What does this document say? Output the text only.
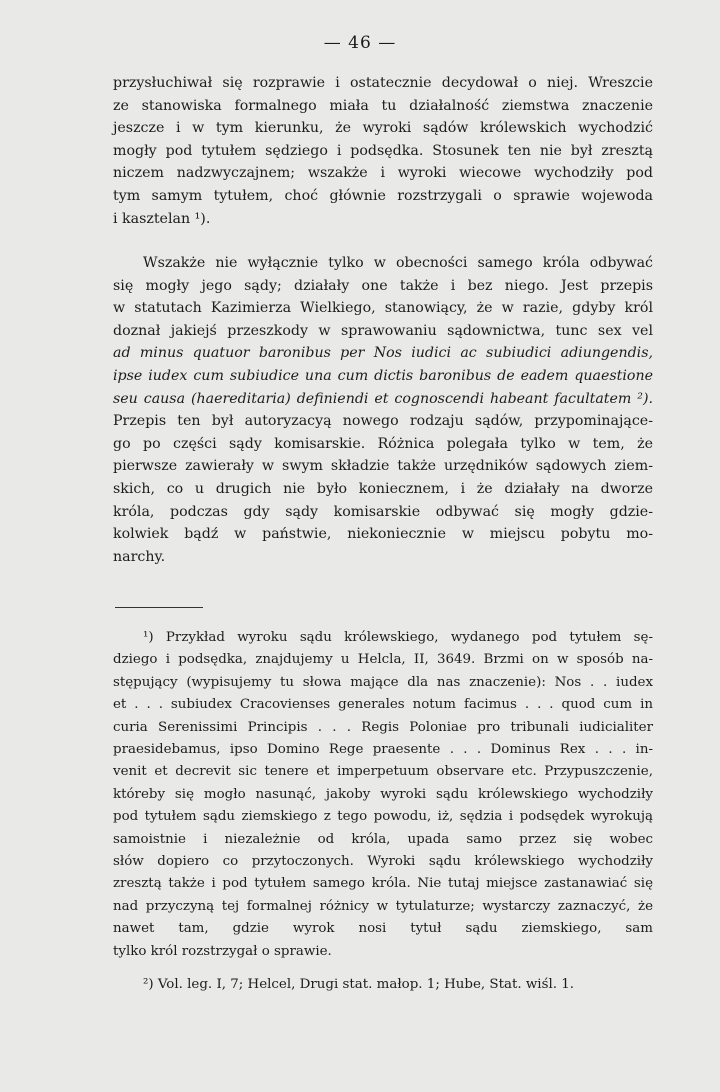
— 46 —
przysłuchiwał się rozprawie i ostatecznie decydował o niej. Wreszcie
ze stanowiska formalnego miała tu działalność ziemstwa znaczenie
jeszcze i w tym kierunku, że wyroki sądów królewskich wychodzić
mogły pod tytułem sędziego i podsędka. Stosunek ten nie był zresztą
niczem nadzwyczajnem; wszakże i wyroki wiecowe wychodziły pod
tym samym tytułem, choć głównie rozstrzygali o sprawie wojewoda
i kasztelan ¹).
Wszakże nie wyłącznie tylko w obecności samego króla odbywać
się mogły jego sądy; działały one także i bez niego. Jest przepis
w statutach Kazimierza Wielkiego, stanowiący, że w razie, gdyby król
doznał jakiejś przeszkody w sprawowaniu sądownictwa, tunc sex vel
ad minus quatuor baronibus per Nos iudici ac subiudici adiungendis,
ipse iudex cum subiudice una cum dictis baronibus de eadem quaestione
seu causa (haereditaria) definiendi et cognoscendi habeant facultatem ²).
Przepis ten był autoryzacyą nowego rodzaju sądów, przypominające-
go po części sądy komisarskie. Różnica polegała tylko w tem, że
pierwsze zawierały w swym składzie także urzędników sądowych ziem-
skich, co u drugich nie było koniecznem, i że działały na dworze
króla, podczas gdy sądy komisarskie odbywać się mogły gdzie-
kolwiek bądź w państwie, niekoniecznie w miejscu pobytu mo-
narchy.
¹) Przykład wyroku sądu królewskiego, wydanego pod tytułem sę-
dziego i podsędka, znajdujemy u Helcla, II, 3649. Brzmi on w sposób na-
stępujący (wypisujemy tu słowa mające dla nas znaczenie): Nos . . iudex
et . . . subiudex Cracovienses generales notum facimus . . . quod cum in
curia Serenissimi Principis . . . Regis Poloniae pro tribunali iudicialiter
praesidebamus, ipso Domino Rege praesente . . . Dominus Rex . . . in-
venit et decrevit sic tenere et imperpetuum observare etc. Przypuszczenie,
któreby się mogło nasunąć, jakoby wyroki sądu królewskiego wychodziły
pod tytułem sądu ziemskiego z tego powodu, iż, sędzia i podsędek wyrokują
samoistnie i niezależnie od króla, upada samo przez się wobec
słów dopiero co przytoczonych. Wyroki sądu królewskiego wychodziły
zresztą także i pod tytułem samego króla. Nie tutaj miejsce zastanawiać się
nad przyczyną tej formalnej różnicy w tytulaturze; wystarczy zaznaczyć, że
nawet tam, gdzie wyrok nosi tytuł sądu ziemskiego, sam
tylko król rozstrzygał o sprawie.
²) Vol. leg. I, 7; Helcel, Drugi stat. małop. 1; Hube, Stat. wiśl. 1.
